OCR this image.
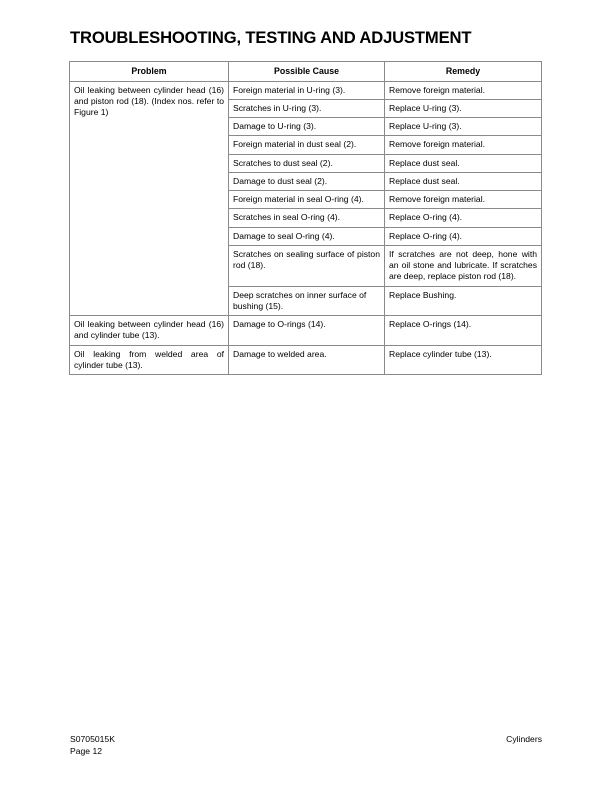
TROUBLESHOOTING, TESTING AND ADJUSTMENT
Problem	Possible Cause	Remedy
Oil leaking between cylinder head (16) and piston rod (18). (Index nos. refer to Figure 1)	Foreign material in U-ring (3).	Remove foreign material.
	Scratches in U-ring (3).	Replace U-ring (3).
	Damage to U-ring (3).	Replace U-ring (3).
	Foreign material in dust seal (2).	Remove foreign material.
	Scratches to dust seal (2).	Replace dust seal.
	Damage to dust seal (2).	Replace dust seal.
	Foreign material in seal O-ring (4).	Remove foreign material.
	Scratches in seal O-ring (4).	Replace O-ring (4).
	Damage to seal O-ring (4).	Replace O-ring (4).
	Scratches on sealing surface of piston rod (18).	If scratches are not deep, hone with an oil stone and lubricate. If scratches are deep, replace piston rod (18).
	Deep scratches on inner surface of bushing (15).	Replace Bushing.
Oil leaking between cylinder head (16) and cylinder tube (13).	Damage to O-rings (14).	Replace O-rings (14).
Oil leaking from welded area of cylinder tube (13).	Damage to welded area.	Replace cylinder tube (13).
S0705015K
Page 12
Cylinders
